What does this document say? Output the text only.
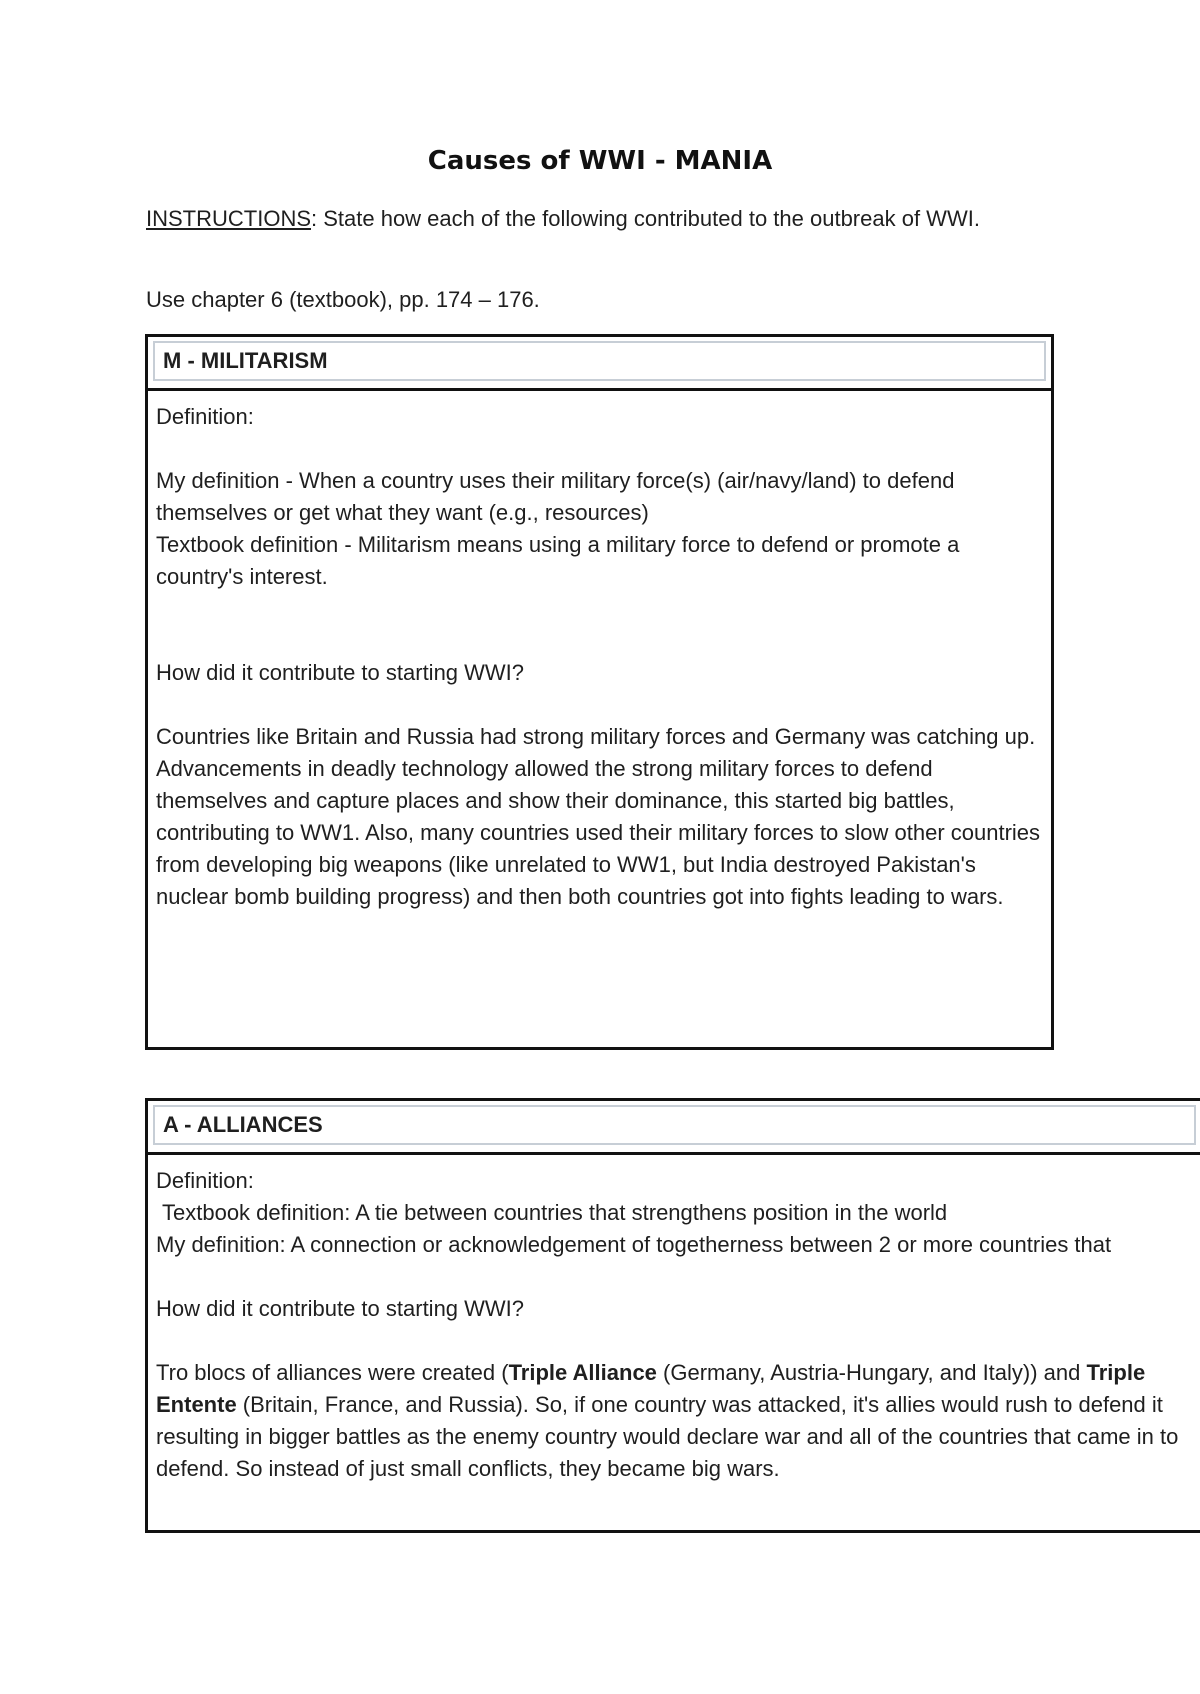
Causes of WWI - MANIA
INSTRUCTIONS: State how each of the following contributed to the outbreak of WWI.
Use chapter 6 (textbook), pp. 174 – 176.
M - MILITARISM
Definition:
My definition - When a country uses their military force(s) (air/navy/land) to defend themselves or get what they want (e.g., resources)
Textbook definition - Militarism means using a military force to defend or promote a country's interest.
How did it contribute to starting WWI?
Countries like Britain and Russia had strong military forces and Germany was catching up. Advancements in deadly technology allowed the strong military forces to defend themselves and capture places and show their dominance, this started big battles, contributing to WW1. Also, many countries used their military forces to slow other countries from developing big weapons (like unrelated to WW1, but India destroyed Pakistan's nuclear bomb building progress) and then both countries got into fights leading to wars.
A - ALLIANCES
Definition:
Textbook definition: A tie between countries that strengthens position in the world
My definition: A connection or acknowledgement of togetherness between 2 or more countries that
How did it contribute to starting WWI?
Tro blocs of alliances were created (Triple Alliance (Germany, Austria-Hungary, and Italy)) and Triple Entente (Britain, France, and Russia). So, if one country was attacked, it's allies would rush to defend it resulting in bigger battles as the enemy country would declare war and all of the countries that came in to defend. So instead of just small conflicts, they became big wars.
